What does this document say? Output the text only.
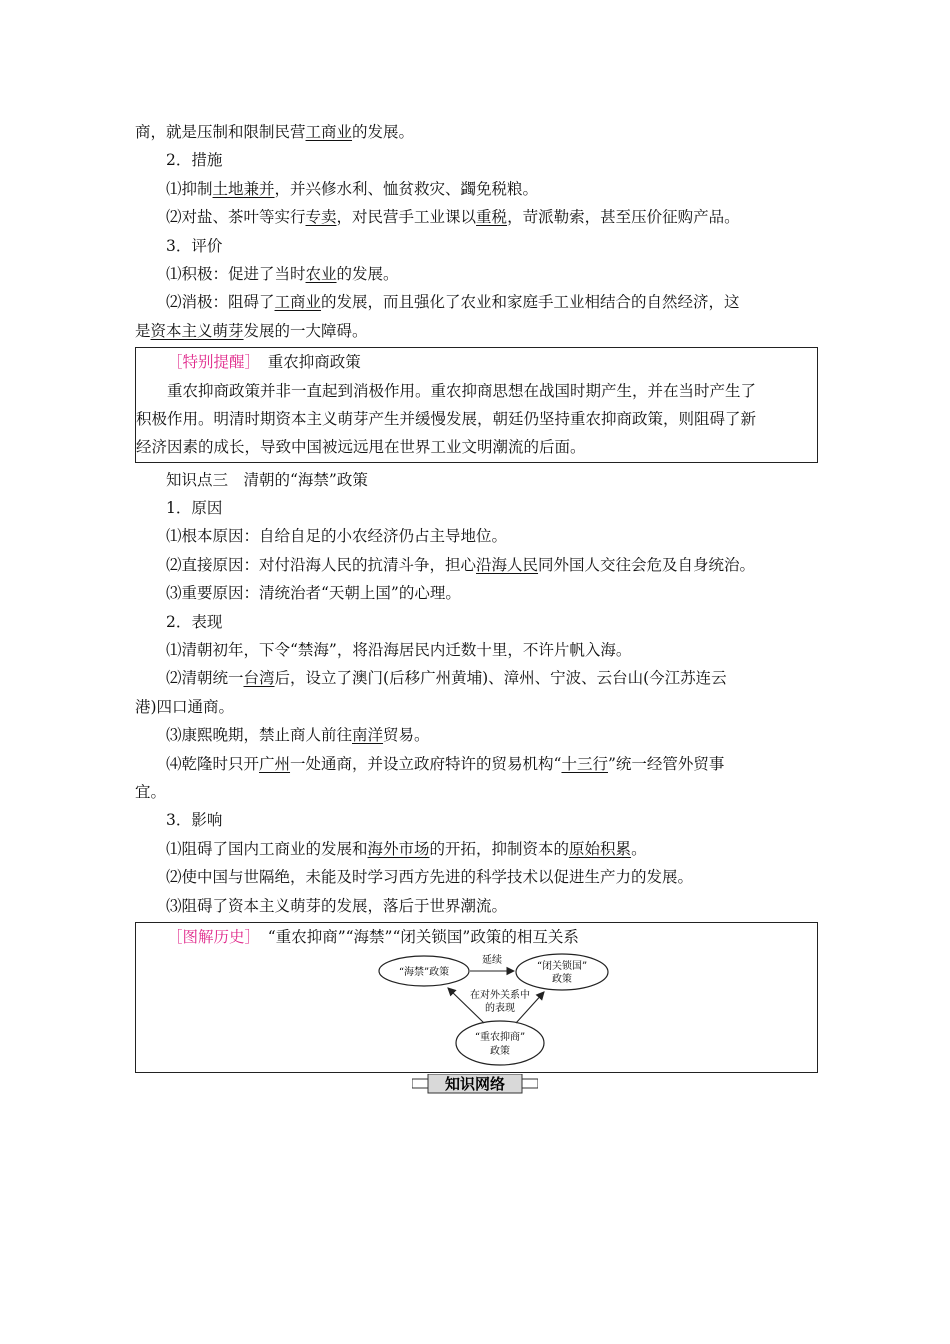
商，就是压制和限制民营工商业的发展。
2．措施
⑴抑制土地兼并，并兴修水利、恤贫救灾、蠲免税粮。
⑵对盐、茶叶等实行专卖，对民营手工业课以重税，苛派勒索，甚至压价征购产品。
3．评价
⑴积极：促进了当时农业的发展。
⑵消极：阻碍了工商业的发展，而且强化了农业和家庭手工业相结合的自然经济，这
是资本主义萌芽发展的一大障碍。
［特别提醒］　 重农抑商政策
重农抑商政策并非一直起到消极作用。重农抑商思想在战国时期产生，并在当时产生了
积极作用。明清时期资本主义萌芽产生并缓慢发展，朝廷仍坚持重农抑商政策，则阻碍了新
经济因素的成长，导致中国被远远甩在世界工业文明潮流的后面。
知识点三　清朝的“海禁”政策
1．原因
⑴根本原因：自给自足的小农经济仍占主导地位。
⑵直接原因：对付沿海人民的抗清斗争，担心沿海人民同外国人交往会危及自身统治。
⑶重要原因：清统治者“天朝上国”的心理。
2．表现
⑴清朝初年，下令“禁海”，将沿海居民内迁数十里，不许片帆入海。
⑵清朝统一台湾后，设立了澳门(后移广州黄埔)、漳州、宁波、云台山(今江苏连云
港)四口通商。
⑶康熙晚期，禁止商人前往南洋贸易。
⑷乾隆时只开广州一处通商，并设立政府特许的贸易机构“十三行”统一经管外贸事
宜。
3．影响
⑴阻碍了国内工商业的发展和海外市场的开拓，抑制资本的原始积累。
⑵使中国与世隔绝，未能及时学习西方先进的科学技术以促进生产力的发展。
⑶阻碍了资本主义萌芽的发展，落后于世界潮流。
［图解历史］　 “重农抑商”“海禁”“闭关锁国”政策的相互关系
“海禁”政策
“闭关锁国”
政策
“重农抑商”
政策
延续
在对外关系中
的表现
知识网络
